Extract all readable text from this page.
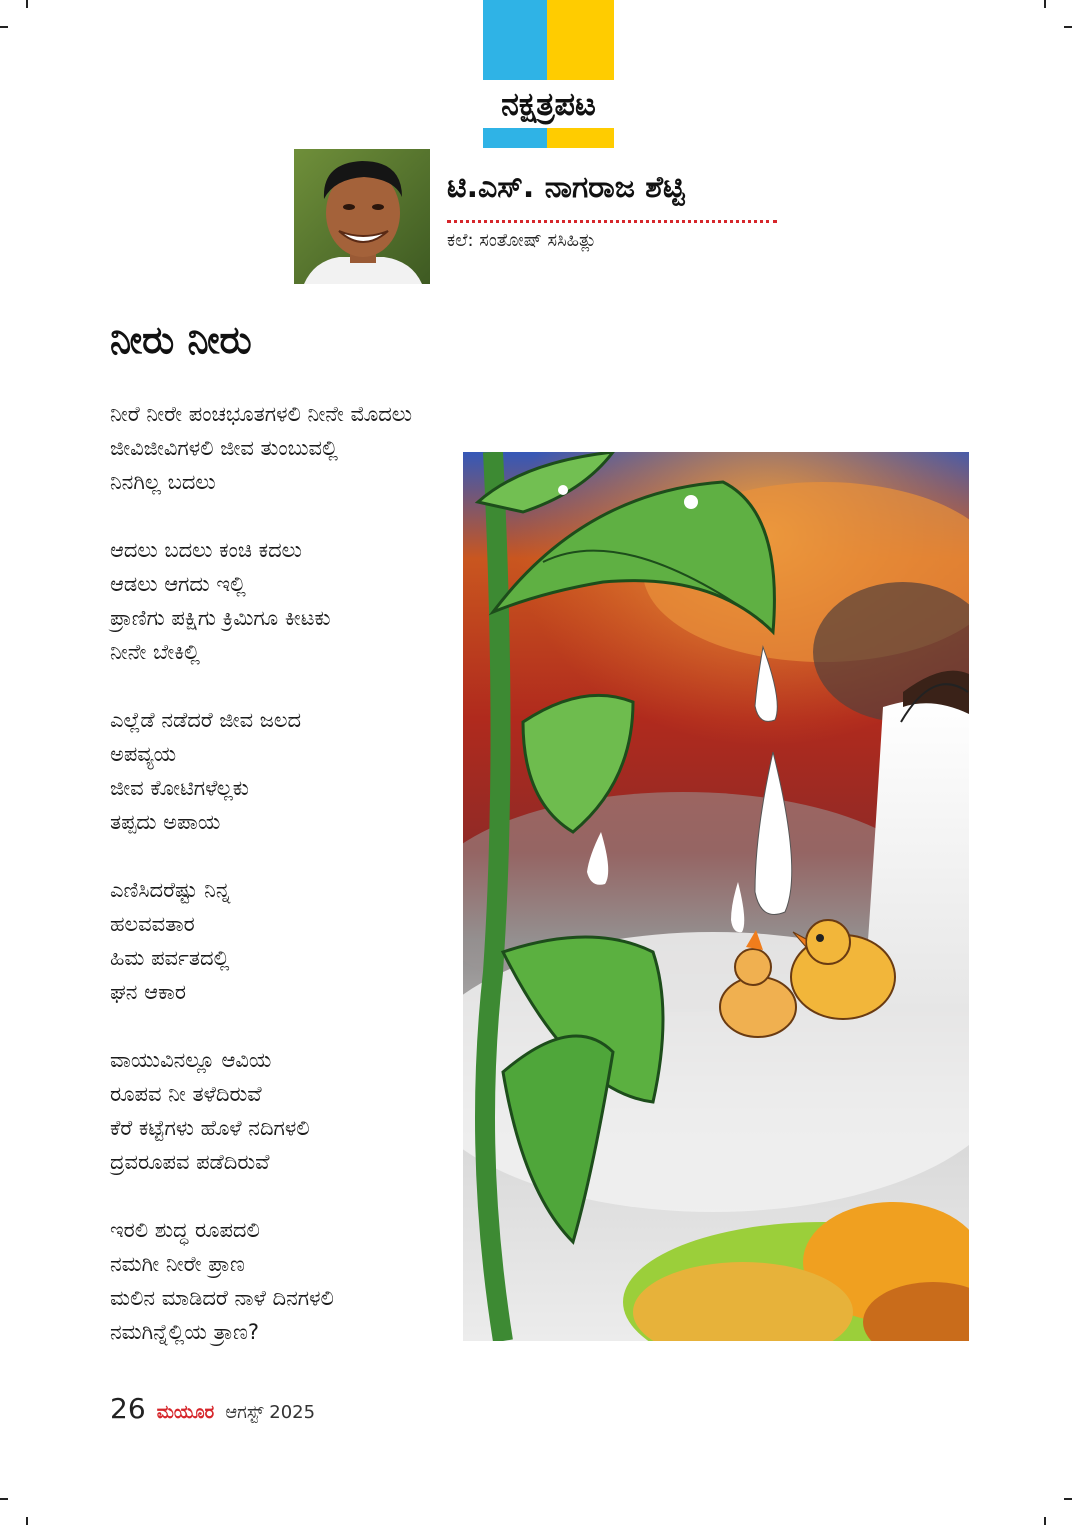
ನಕ್ಷತ್ರಪಟ
ಟಿ.ಎಸ್. ನಾಗರಾಜ ಶೆಟ್ಟಿ
ಕಲೆ: ಸಂತೋಷ್ ಸಸಿಹಿತ್ಲು
ನೀರು ನೀರು
ನೀರೆ ನೀರೇ ಪಂಚಭೂತಗಳಲಿ ನೀನೇ ಮೊದಲು
ಜೀವಿಜೀವಿಗಳಲಿ ಜೀವ ತುಂಬುವಲ್ಲಿ
ನಿನಗಿಲ್ಲ ಬದಲು
ಆದಲು ಬದಲು ಕಂಚಿ ಕದಲು
ಆಡಲು ಆಗದು ಇಲ್ಲಿ
ಪ್ರಾಣಿಗು ಪಕ್ಷಿಗು ಕ್ರಿಮಿಗೂ ಕೀಟಕು
ನೀನೇ ಬೇಕಿಲ್ಲಿ
ಎಲ್ಲೆಡೆ ನಡೆದರೆ ಜೀವ ಜಲದ
ಅಪವ್ಯಯ
ಜೀವ ಕೋಟಿಗಳೆಲ್ಲಕು
ತಪ್ಪದು ಅಪಾಯ
ಎಣಿಸಿದರೆಷ್ಟು ನಿನ್ನ
ಹಲವವತಾರ
ಹಿಮ ಪರ್ವತದಲ್ಲಿ
ಘನ ಆಕಾರ
ವಾಯುವಿನಲ್ಲೂ ಆವಿಯ
ರೂಪವ ನೀ ತಳೆದಿರುವೆ
ಕೆರೆ ಕಟ್ಟೆಗಳು ಹೊಳೆ ನದಿಗಳಲಿ
ದ್ರವರೂಪವ ಪಡೆದಿರುವೆ
ಇರಲಿ ಶುದ್ಧ ರೂಪದಲಿ
ನಮಗೀ ನೀರೇ ಪ್ರಾಣ
ಮಲಿನ ಮಾಡಿದರೆ ನಾಳೆ ದಿನಗಳಲಿ
ನಮಗಿನ್ನೆಲ್ಲಿಯ ತ್ರಾಣ?
26 ಮಯೂರ ಆಗಸ್ಟ್ 2025
